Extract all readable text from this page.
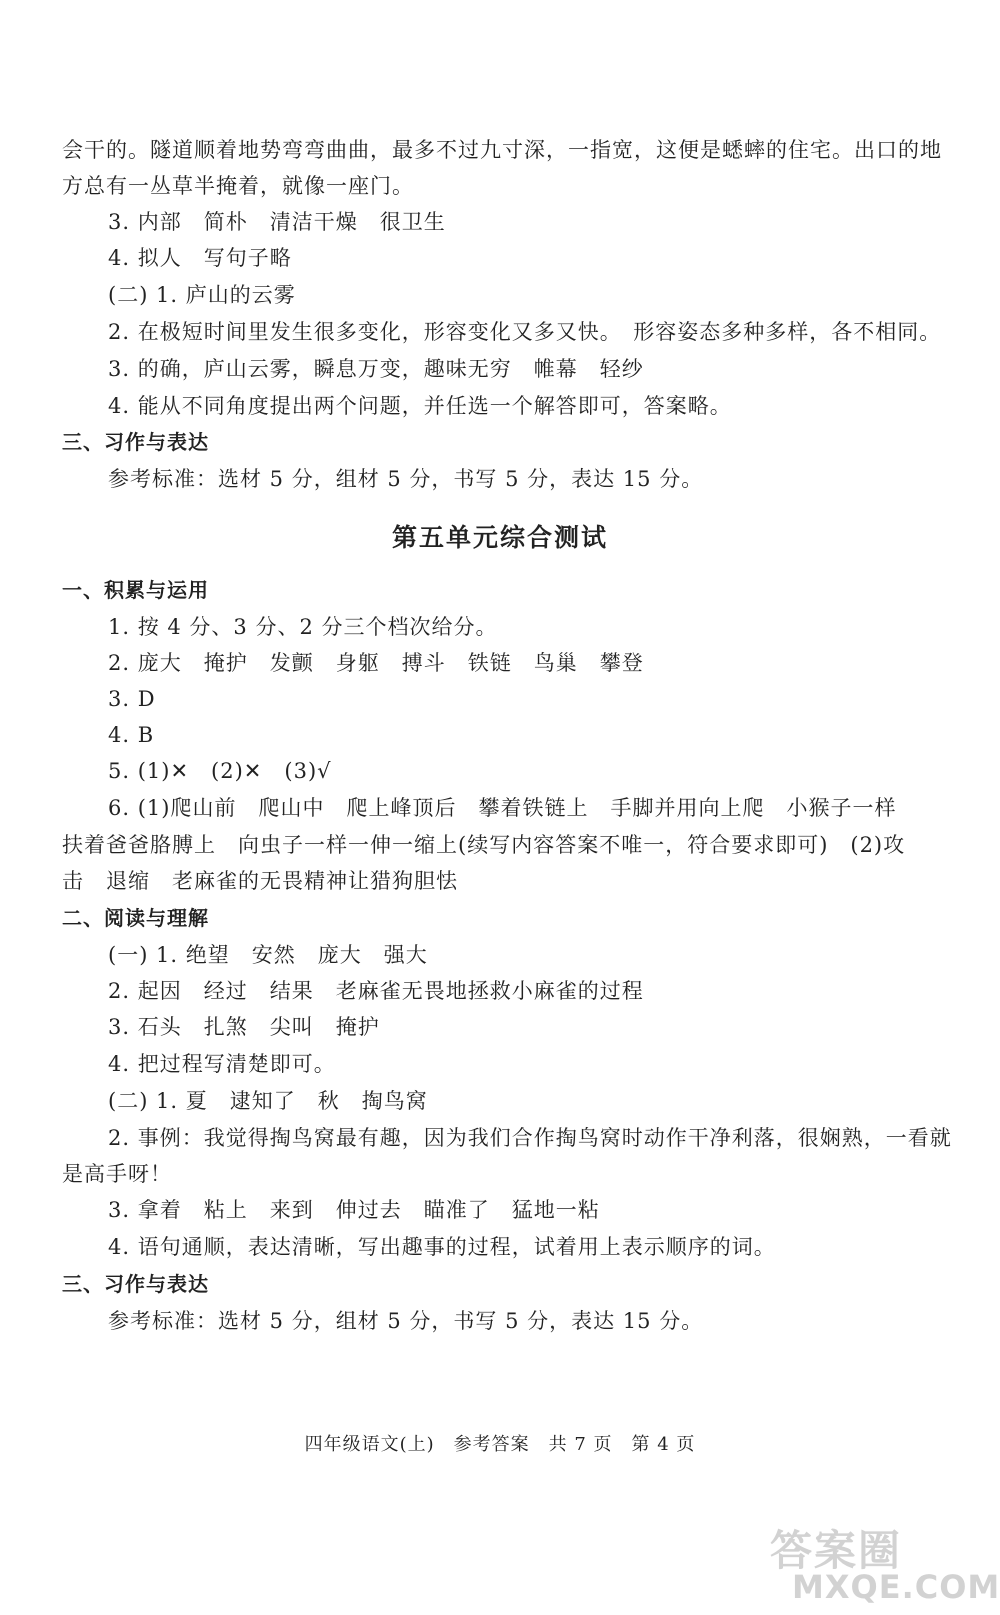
会干的。隧道顺着地势弯弯曲曲，最多不过九寸深，一指宽，这便是蟋蟀的住宅。出口的地
方总有一丛草半掩着，就像一座门。
3. 内部　简朴　清洁干燥　很卫生
4. 拟人　写句子略
(二) 1. 庐山的云雾
2. 在极短时间里发生很多变化，形容变化又多又快。　形容姿态多种多样，各不相同。
3. 的确，庐山云雾，瞬息万变，趣味无穷　帷幕　轻纱
4. 能从不同角度提出两个问题，并任选一个解答即可，答案略。
三、习作与表达
参考标准：选材 5 分，组材 5 分，书写 5 分，表达 15 分。
第五单元综合测试
一、积累与运用
1. 按 4 分、3 分、2 分三个档次给分。
2. 庞大　掩护　发颤　身躯　搏斗　铁链　鸟巢　攀登
3. D
4. B
5. (1)✕　(2)✕　(3)√
6. (1)爬山前　爬山中　爬上峰顶后　攀着铁链上　手脚并用向上爬　小猴子一样
扶着爸爸胳膊上　向虫子一样一伸一缩上(续写内容答案不唯一，符合要求即可)　(2)攻
击　退缩　老麻雀的无畏精神让猎狗胆怯
二、阅读与理解
(一) 1. 绝望　安然　庞大　强大
2. 起因　经过　结果　老麻雀无畏地拯救小麻雀的过程
3. 石头　扎煞　尖叫　掩护
4. 把过程写清楚即可。
(二) 1. 夏　逮知了　秋　掏鸟窝
2. 事例：我觉得掏鸟窝最有趣，因为我们合作掏鸟窝时动作干净利落，很娴熟，一看就
是高手呀！
3. 拿着　粘上　来到　伸过去　瞄准了　猛地一粘
4. 语句通顺，表达清晰，写出趣事的过程，试着用上表示顺序的词。
三、习作与表达
参考标准：选材 5 分，组材 5 分，书写 5 分，表达 15 分。
四年级语文(上)　参考答案　共 7 页　第 4 页
答案圈
MXQE.COM
